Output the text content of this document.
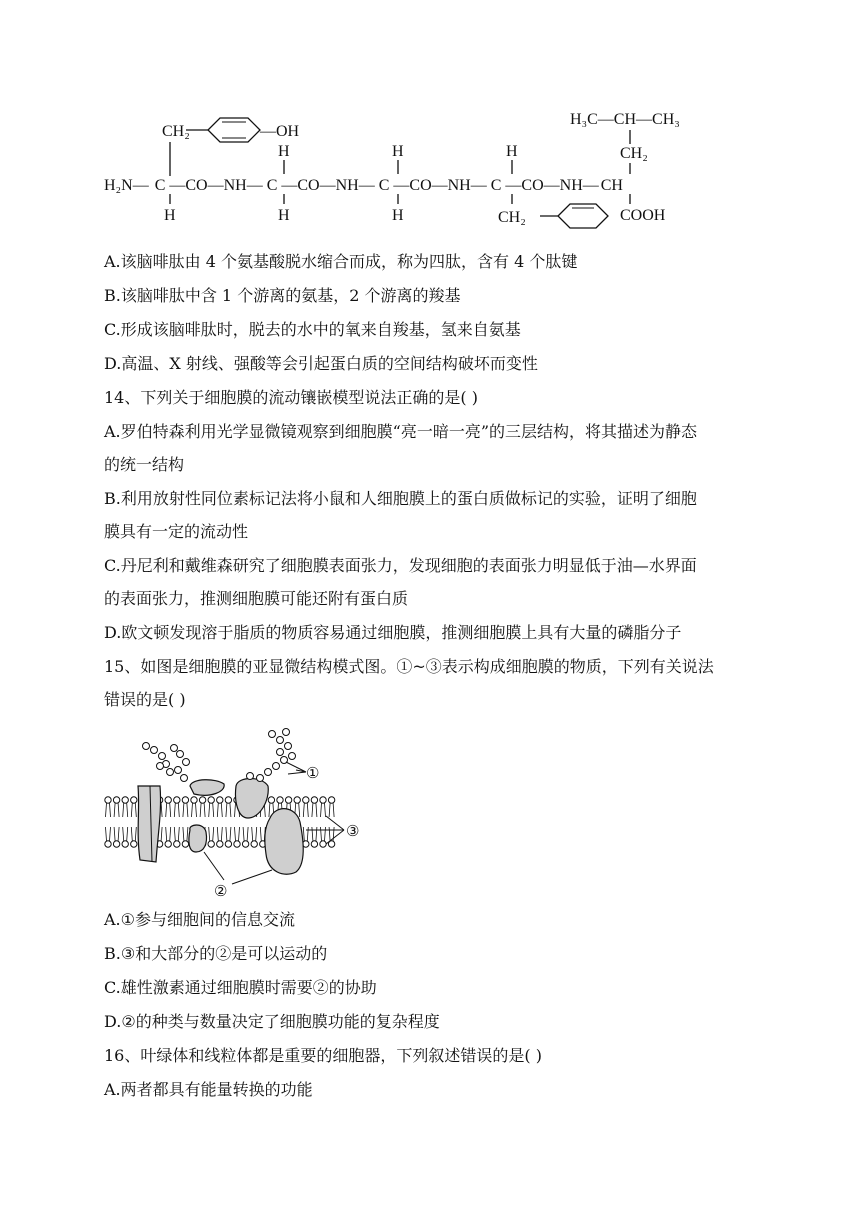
H₃C—CH—CH₃
CH₂
CH₂	—OH
H₂N— C —CO—NH— C —CO—NH— C —CO—NH— C —CO—NH— CH
H
H
H
H
H
H
CH₂	COOH
A.该脑啡肽由 4 个氨基酸脱水缩合而成，称为四肽，含有 4 个肽键
B.该脑啡肽中含 1 个游离的氨基，2 个游离的羧基
C.形成该脑啡肽时，脱去的水中的氧来自羧基，氢来自氨基
D.高温、X 射线、强酸等会引起蛋白质的空间结构破坏而变性
14、下列关于细胞膜的流动镶嵌模型说法正确的是( )
A.罗伯特森利用光学显微镜观察到细胞膜“亮一暗一亮”的三层结构，将其描述为静态
的统一结构
B.利用放射性同位素标记法将小鼠和人细胞膜上的蛋白质做标记的实验，证明了细胞
膜具有一定的流动性
C.丹尼利和戴维森研究了细胞膜表面张力，发现细胞的表面张力明显低于油—水界面
的表面张力，推测细胞膜可能还附有蛋白质
D.欧文顿发现溶于脂质的物质容易通过细胞膜，推测细胞膜上具有大量的磷脂分子
15、如图是细胞膜的亚显微结构模式图。①~③表示构成细胞膜的物质，下列有关说法
错误的是( )
①
③
②
A.①参与细胞间的信息交流
B.③和大部分的②是可以运动的
C.雄性激素通过细胞膜时需要②的协助
D.②的种类与数量决定了细胞膜功能的复杂程度
16、叶绿体和线粒体都是重要的细胞器，下列叙述错误的是( )
A.两者都具有能量转换的功能
